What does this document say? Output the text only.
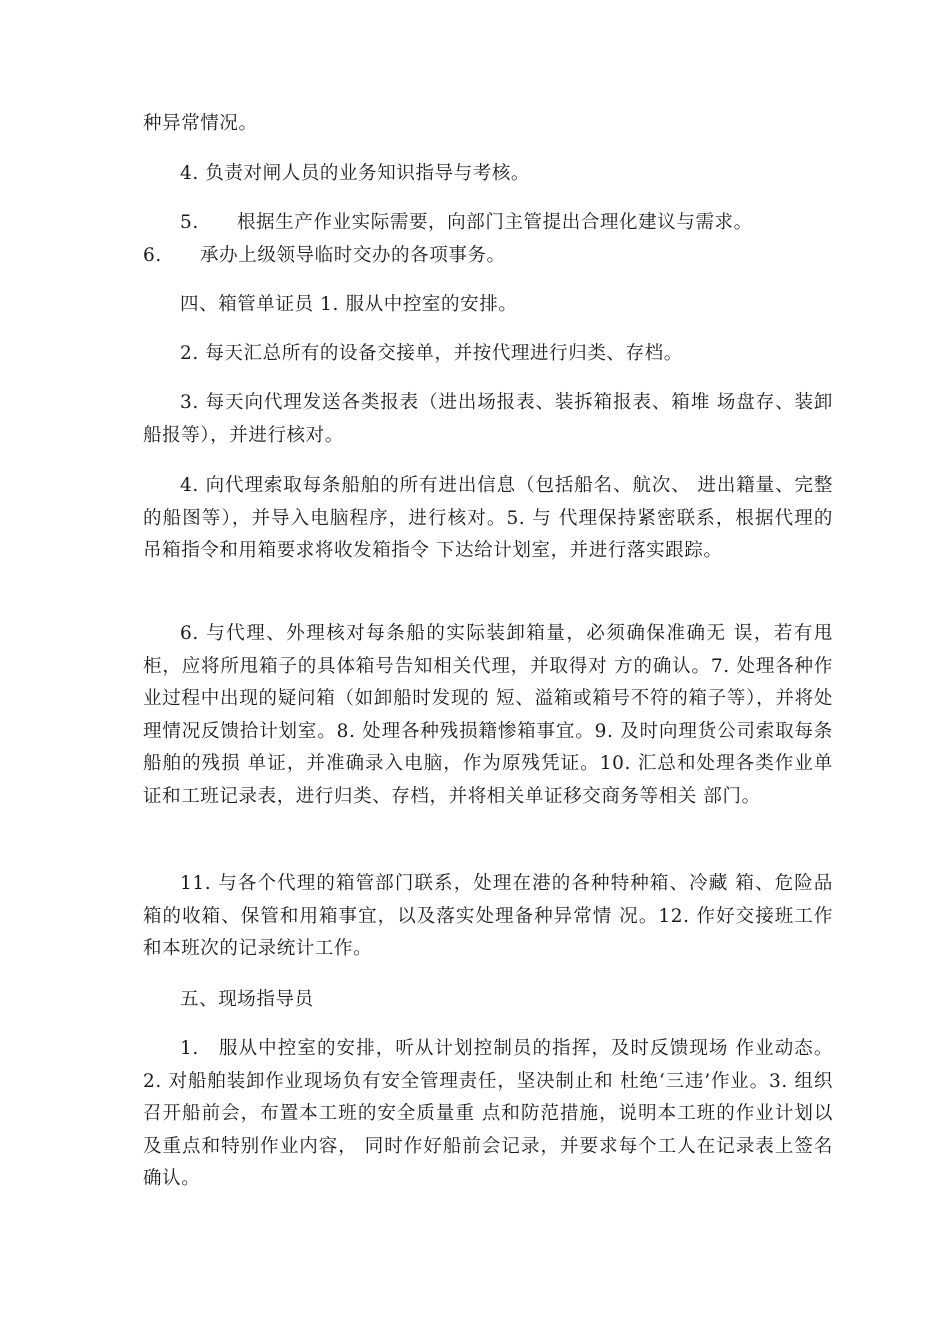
种异常情况。

4. 负责对闸人员的业务知识指导与考核。

5.　　根据生产作业实际需要，向部门主管提出合理化建议与需求。

6.　　承办上级领导临时交办的各项事务。

四、箱管单证员 1. 服从中控室的安排。

2. 每天汇总所有的设备交接单，并按代理进行归类、存档。

3. 每天向代理发送各类报表（进出场报表、装拆箱报表、箱堆 场盘存、装卸船报等），并进行核对。

4. 向代理索取每条船舶的所有进出信息（包括船名、航次、 进出籍量、完整的船图等），并导入电脑程序，进行核对。5. 与 代理保持紧密联系，根据代理的吊箱指令和用箱要求将收发箱指令 下达给计划室，并进行落实跟踪。

6. 与代理、外理核对每条船的实际装卸箱量，必须确保准确无 误，若有甩柜，应将所甩箱子的具体箱号告知相关代理，并取得对 方的确认。7. 处理各种作业过程中出现的疑问箱（如卸船时发现的 短、溢箱或箱号不符的箱子等），并将处理情况反馈拾计划室。8. 处理各种残损籍惨箱事宜。9. 及时向理货公司索取每条船舶的残损 单证，并准确录入电脑，作为原残凭证。10. 汇总和处理各类作业单 证和工班记录表，进行归类、存档，并将相关单证移交商务等相关 部门。

11. 与各个代理的箱管部门联系，处理在港的各种特种箱、冷藏 箱、危险品箱的收箱、保管和用箱事宜，以及落实处理备种异常情 况。12. 作好交接班工作和本班次的记录统计工作。

五、现场指导员

1.　服从中控室的安排，听从计划控制员的指挥，及时反馈现场 作业动态。2. 对船舶装卸作业现场负有安全管理责任，坚决制止和 杜绝‘三违’作业。3. 组织召开船前会，布置本工班的安全质量重 点和防范措施，说明本工班的作业计划以及重点和特别作业内容， 同时作好船前会记录，并要求每个工人在记录表上签名确认。
